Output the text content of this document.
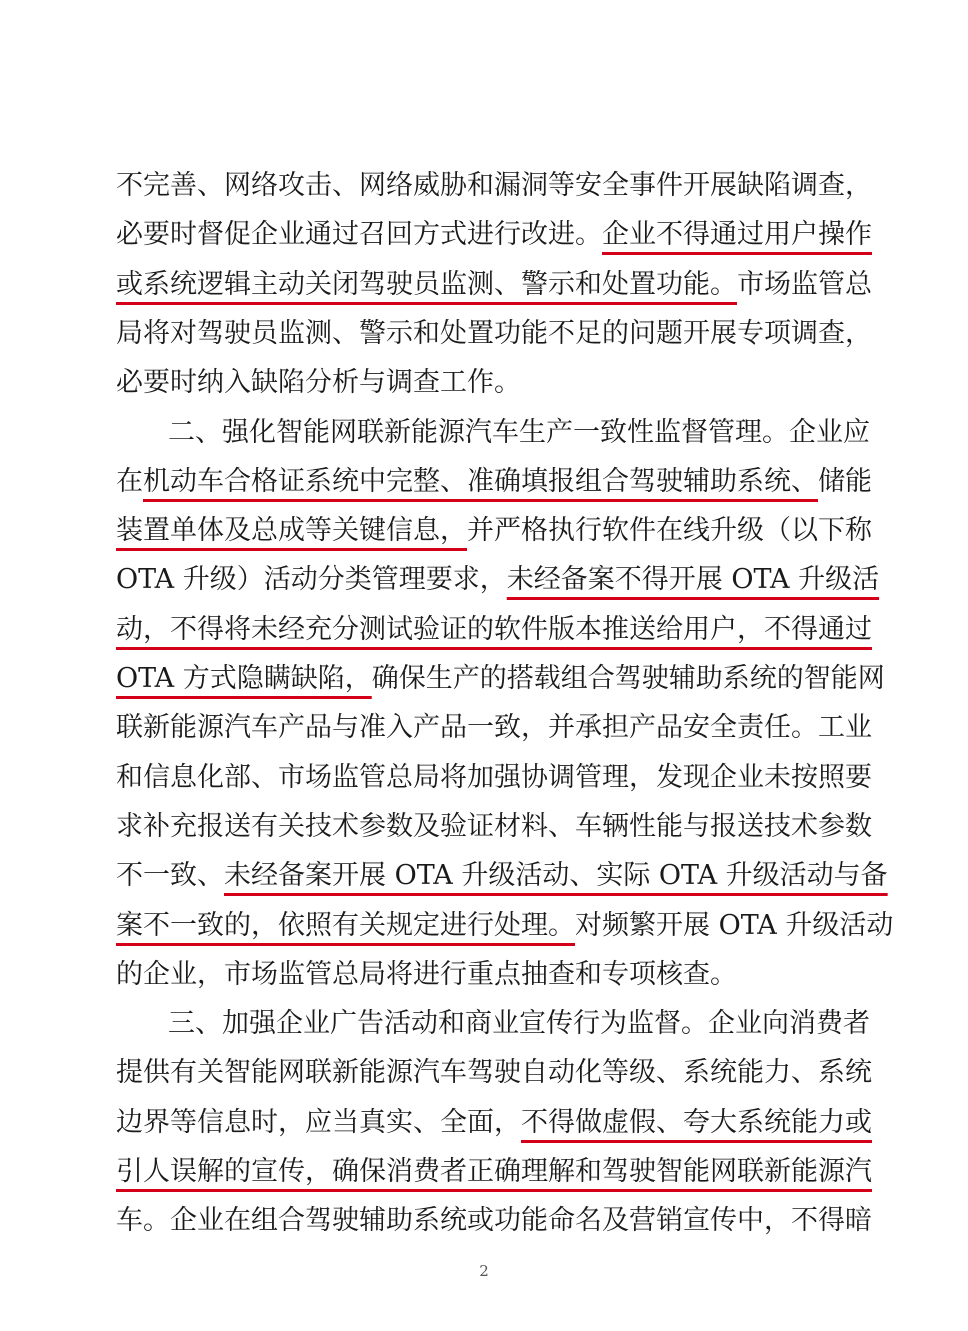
不完善、网络攻击、网络威胁和漏洞等安全事件开展缺陷调查，
必要时督促企业通过召回方式进行改进。企业不得通过用户操作
或系统逻辑主动关闭驾驶员监测、警示和处置功能。市场监管总
局将对驾驶员监测、警示和处置功能不足的问题开展专项调查，
必要时纳入缺陷分析与调查工作。
二、强化智能网联新能源汽车生产一致性监督管理。企业应
在机动车合格证系统中完整、准确填报组合驾驶辅助系统、储能
装置单体及总成等关键信息，并严格执行软件在线升级（以下称
OTA 升级）活动分类管理要求，未经备案不得开展 OTA 升级活
动，不得将未经充分测试验证的软件版本推送给用户，不得通过
OTA 方式隐瞒缺陷，确保生产的搭载组合驾驶辅助系统的智能网
联新能源汽车产品与准入产品一致，并承担产品安全责任。工业
和信息化部、市场监管总局将加强协调管理，发现企业未按照要
求补充报送有关技术参数及验证材料、车辆性能与报送技术参数
不一致、未经备案开展 OTA 升级活动、实际 OTA 升级活动与备
案不一致的，依照有关规定进行处理。对频繁开展 OTA 升级活动
的企业，市场监管总局将进行重点抽查和专项核查。
三、加强企业广告活动和商业宣传行为监督。企业向消费者
提供有关智能网联新能源汽车驾驶自动化等级、系统能力、系统
边界等信息时，应当真实、全面，不得做虚假、夸大系统能力或
引人误解的宣传，确保消费者正确理解和驾驶智能网联新能源汽
车。企业在组合驾驶辅助系统或功能命名及营销宣传中，不得暗
2
